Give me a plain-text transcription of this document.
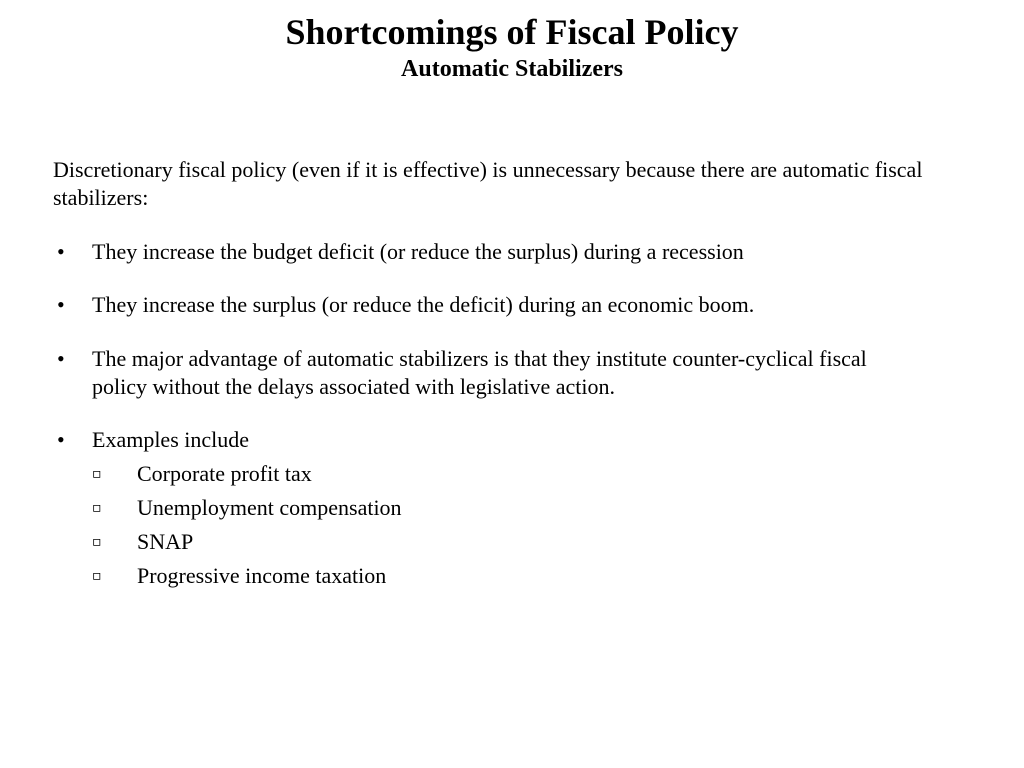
Shortcomings of Fiscal Policy
Automatic Stabilizers
Discretionary fiscal policy (even if it is effective) is unnecessary because there are automatic fiscal stabilizers:
• They increase the budget deficit (or reduce the surplus) during a recession
• They increase the surplus (or reduce the deficit) during an economic boom.
• The major advantage of automatic stabilizers is that they institute counter-cyclical fiscal policy without the delays associated with legislative action.
• Examples include
▫ Corporate profit tax
▫ Unemployment compensation
▫ SNAP
▫ Progressive income taxation
